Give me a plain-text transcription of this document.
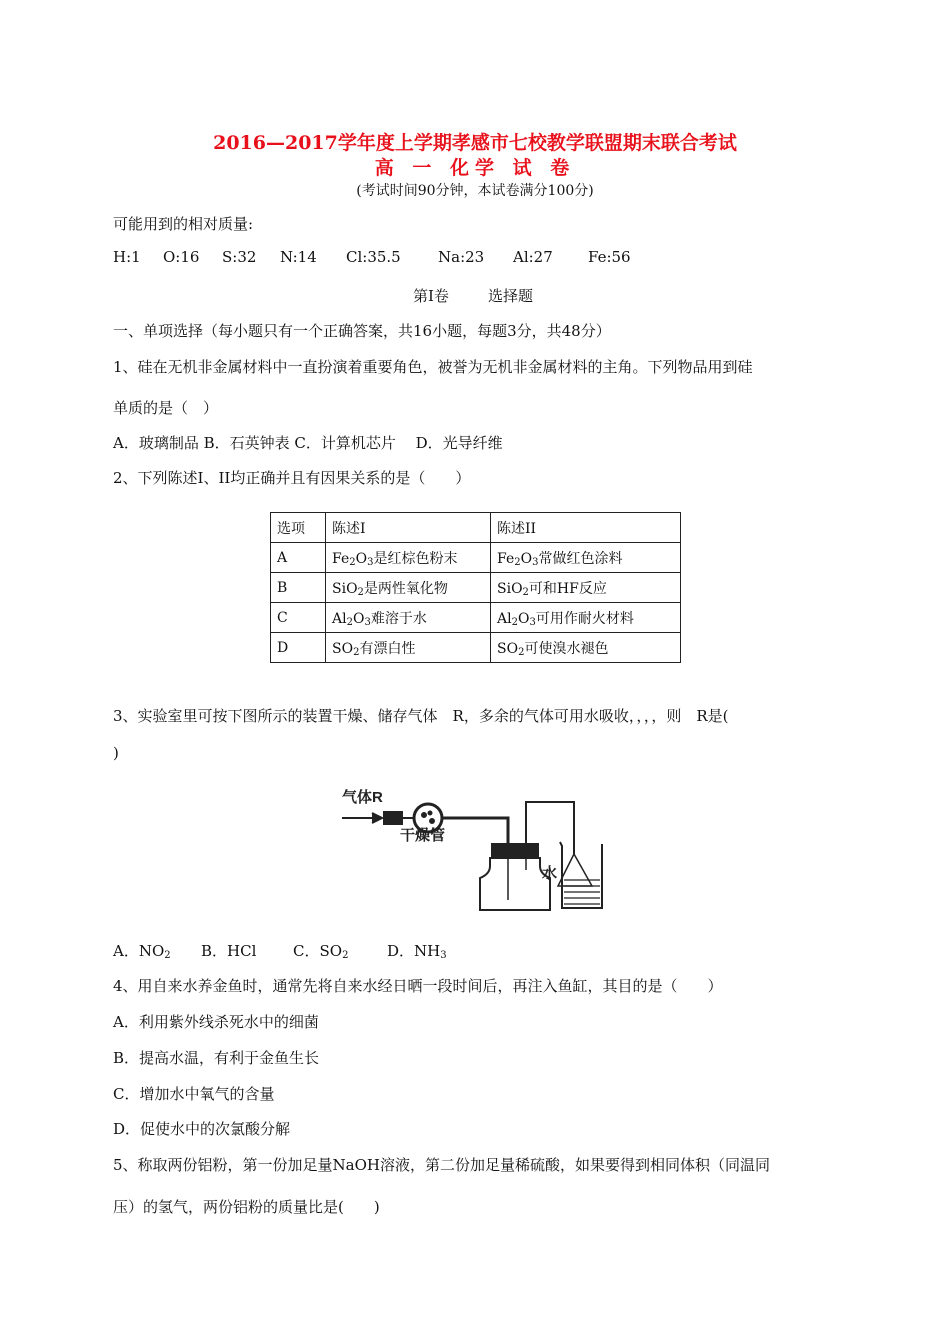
2016—2017学年度上学期孝感市七校教学联盟期末联合考试
高 一 化学 试 卷
(考试时间90分钟，本试卷满分100分)
可能用到的相对质量:
H:1 O:16 S:32 N:14 Cl:35.5 Na:23 Al:27 Fe:56
第Ⅰ卷	选择题
一、单项选择（每小题只有一个正确答案，共16小题，每题3分，共48分）
1、硅在无机非金属材料中一直扮演着重要角色，被誉为无机非金属材料的主角。下列物品用到硅
单质的是（　）
A．玻璃制品 B．石英钟表 C．计算机芯片　 D．光导纤维
2、下列陈述Ⅰ、II均正确并且有因果关系的是（　　）
选项	陈述Ⅰ	陈述II
A	$Fe_2O_3$是红棕色粉末	$Fe_2O_3$常做红色涂料
B	SiO$_2$是两性氧化物	SiO$_2$可和HF反应
C	$Al_2O_3$难溶于水	$Al_2O_3$可用作耐火材料
D	$SO_2$有漂白性	$SO_2$可使溴水褪色
3、实验室里可按下图所示的装置干燥、储存气体　R，多余的气体可用水吸收，，，，则　R是(
)
气体R
干燥管
水
A．$NO_2$ B．HCl C．$SO_2$	D．$NH_3$
4、用自来水养金鱼时，通常先将自来水经日晒一段时间后，再注入鱼缸，其目的是（　　）
A．利用紫外线杀死水中的细菌
B．提高水温，有利于金鱼生长
C．增加水中氧气的含量
D．促使水中的次氯酸分解
5、称取两份铝粉，第一份加足量NaOH溶液，第二份加足量稀硫酸，如果要得到相同体积（同温同
压）的氢气，两份铝粉的质量比是(　　)
